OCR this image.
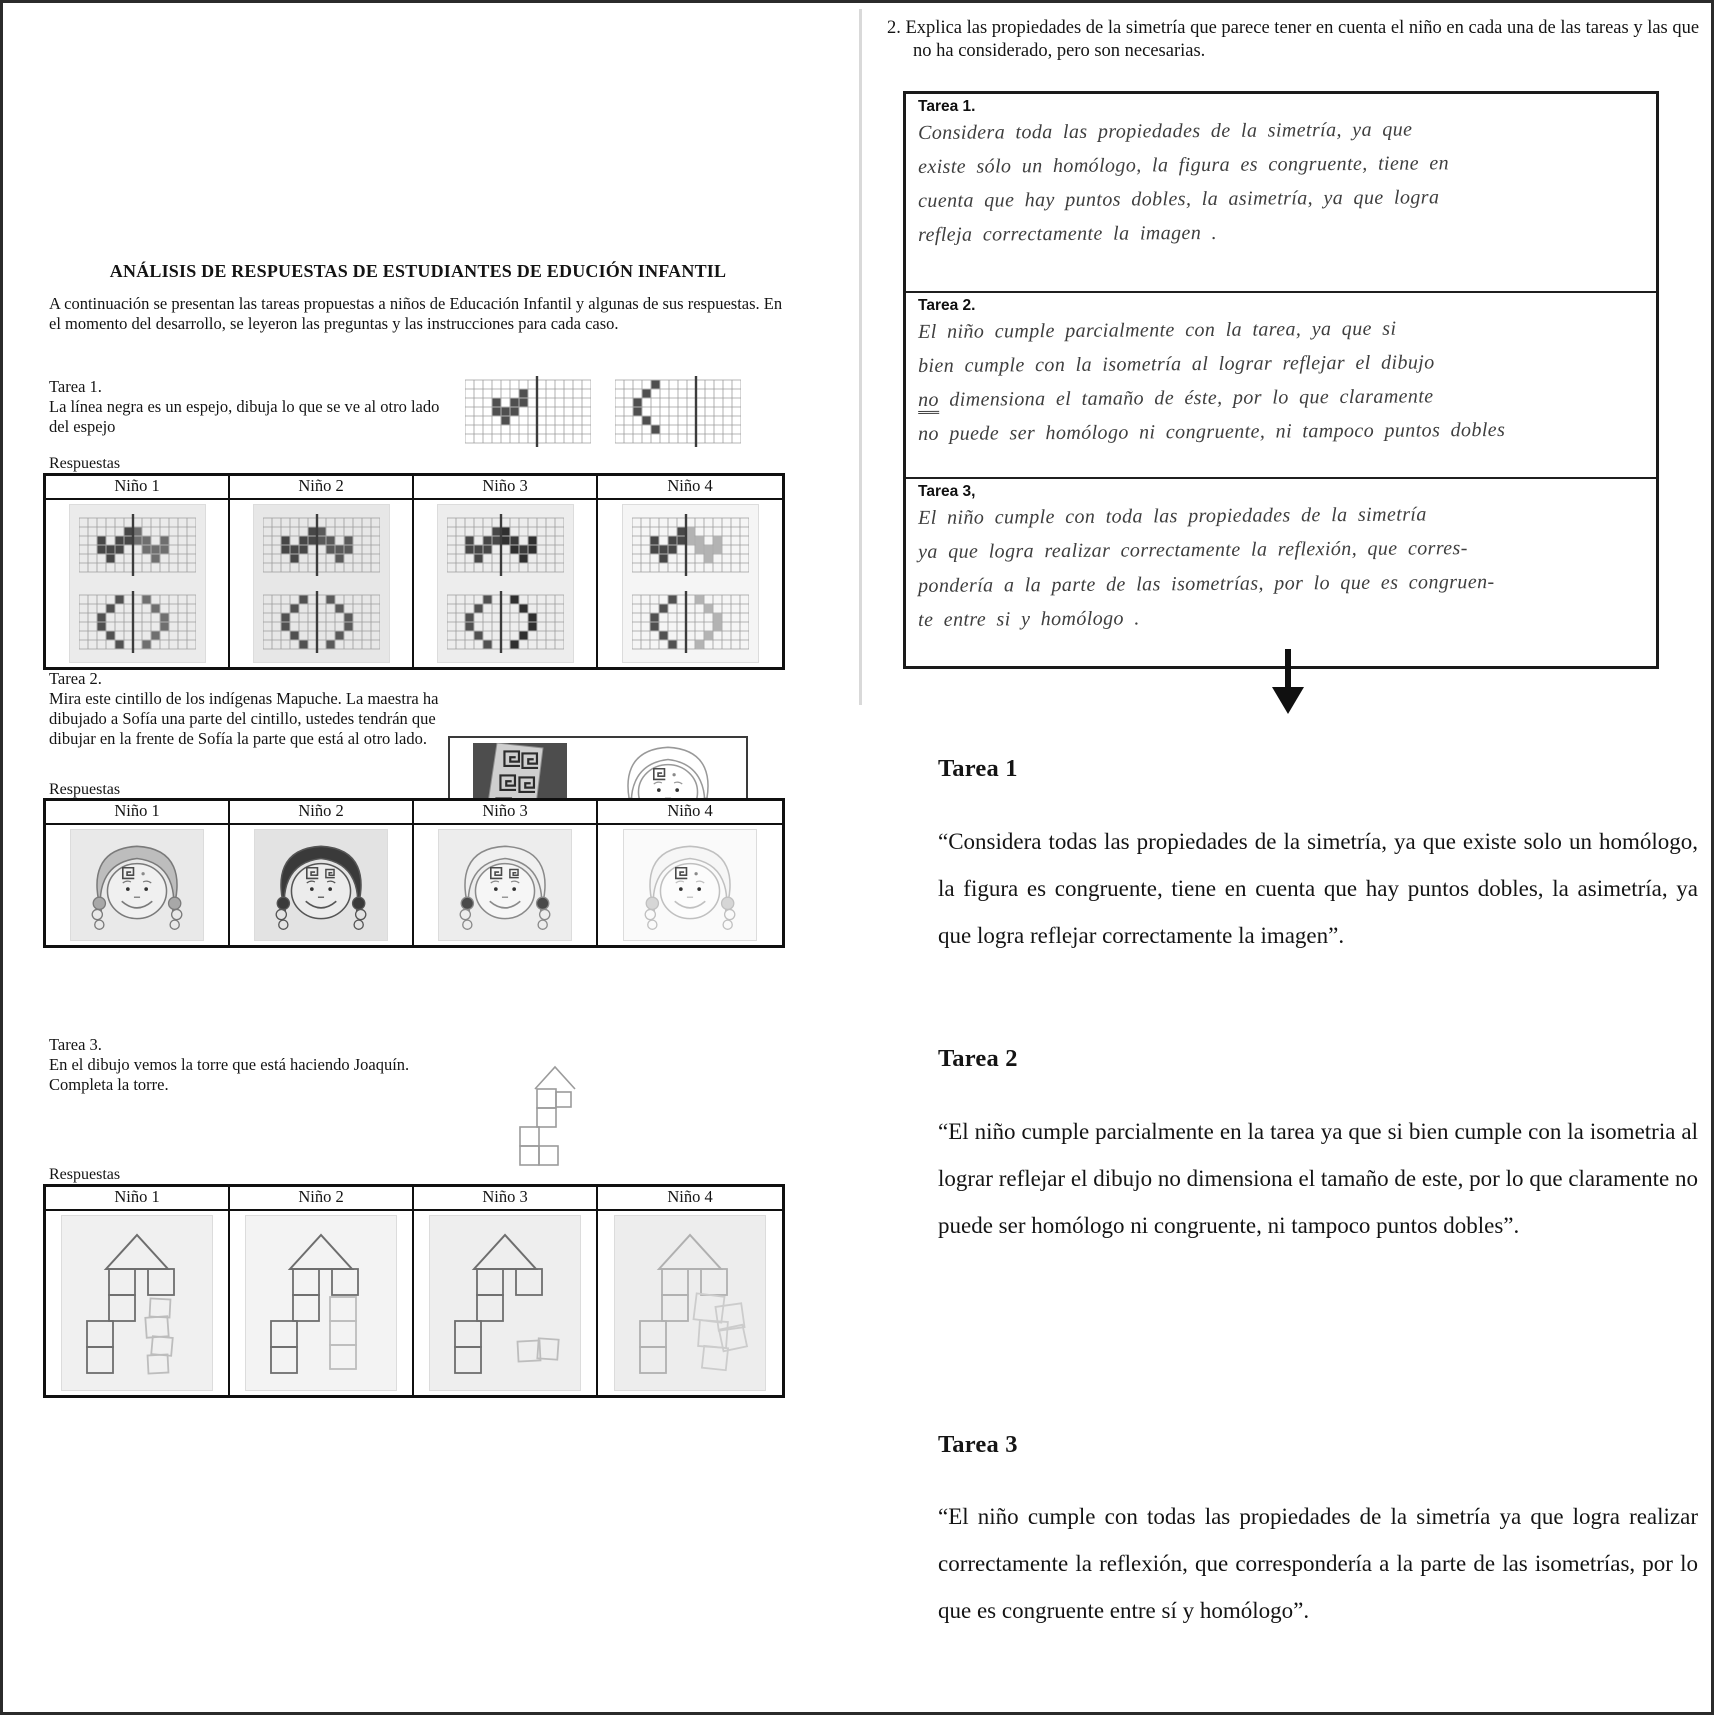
ANÁLISIS DE RESPUESTAS DE ESTUDIANTES DE EDUCIÓN INFANTIL
A continuación se presentan las tareas propuestas a niños de Educación Infantil y algunas de sus respuestas. En el momento del desarrollo, se leyeron las preguntas y las instrucciones para cada caso.
Tarea 1.
La línea negra es un espejo, dibuja lo que se ve al otro lado del espejo
Respuestas
Niño 1	Niño 2	Niño 3	Niño 4
Tarea 2.
Mira este cintillo de los indígenas Mapuche. La maestra ha dibujado a Sofía una parte del cintillo, ustedes tendrán que dibujar en la frente de Sofía la parte que está al otro lado.
Respuestas
Niño 1	Niño 2	Niño 3	Niño 4
Tarea 3.
En el dibujo vemos la torre que está haciendo Joaquín. Completa la torre.
Respuestas
Niño 1	Niño 2	Niño 3	Niño 4

2. Explica las propiedades de la simetría que parece tener en cuenta el niño en cada una de las tareas y las que no ha considerado, pero son necesarias.

Tarea 1.
Considera toda las propiedades de la simetría, ya que
existe sólo un homólogo, la figura es congruente, tiene en
cuenta que hay puntos dobles, la asimetría, ya que logra
refleja correctamente la imagen .
Tarea 2.
El niño cumple parcialmente con la tarea, ya que si
bien cumple con la isometría al lograr reflejar el dibujo
no dimensiona el tamaño de éste, por lo que claramente
no puede ser homólogo ni congruente, ni tampoco puntos dobles
Tarea 3,
El niño cumple con toda las propiedades de la simetría
ya que logra realizar correctamente la reflexión, que corres-
pondería a la parte de las isometrías, por lo que es congruen-
te entre si y homólogo .
Tarea 1

“Considera todas las propiedades de la simetría, ya que existe solo un homólogo, la figura es congruente, tiene en cuenta que hay puntos dobles, la asimetría, ya que logra reflejar correctamente la imagen”.

Tarea 2

“El niño cumple parcialmente en la tarea ya que si bien cumple con la isometria al lograr reflejar el dibujo no dimensiona el tamaño de este, por lo que claramente no puede ser homólogo ni congruente, ni tampoco puntos dobles”.

Tarea 3

“El niño cumple con todas las propiedades de la simetría ya que logra realizar correctamente la reflexión, que correspondería a la parte de las isometrías, por lo que es congruente entre sí y homólogo”.
